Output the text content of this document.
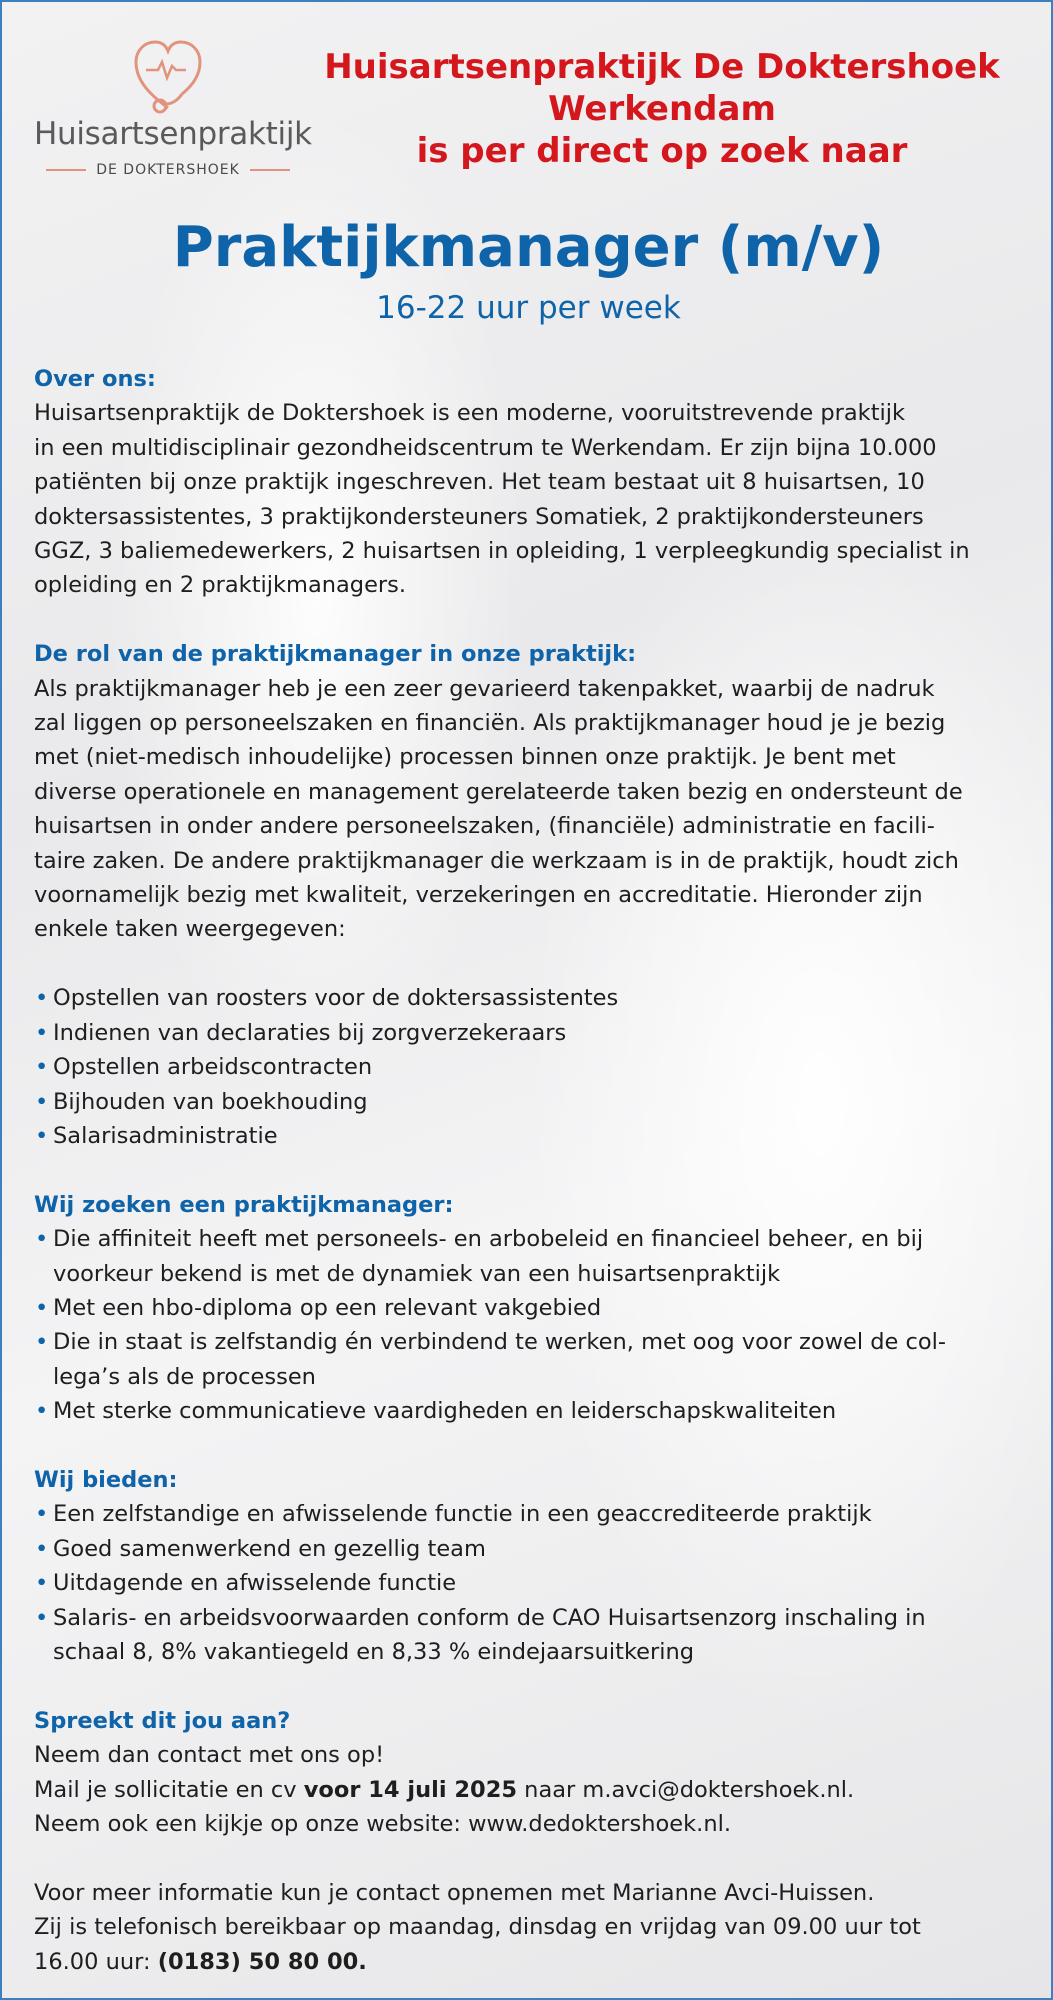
Huisartsenpraktijk
DE DOKTERSHOEK
Huisartsenpraktijk De Doktershoek
Werkendam
is per direct op zoek naar
Praktijkmanager (m/v)
16-22 uur per week

Over ons:

Huisartsenpraktijk de Doktershoek is een moderne, vooruitstrevende praktijk

in een multidisciplinair gezondheidscentrum te Werkendam. Er zijn bijna 10.000

patiënten bij onze praktijk ingeschreven. Het team bestaat uit 8 huisartsen, 10

doktersassistentes, 3 praktijkondersteuners Somatiek, 2 praktijkondersteuners

GGZ, 3 baliemedewerkers, 2 huisartsen in opleiding, 1 verpleegkundig specialist in

opleiding en 2 praktijkmanagers.

De rol van de praktijkmanager in onze praktijk:

Als praktijkmanager heb je een zeer gevarieerd takenpakket, waarbij de nadruk

zal liggen op personeelszaken en financiën. Als praktijkmanager houd je je bezig

met (niet-medisch inhoudelijke) processen binnen onze praktijk. Je bent met

diverse operationele en management gerelateerde taken bezig en ondersteunt de

huisartsen in onder andere personeelszaken, (financiële) administratie en facili-

taire zaken. De andere praktijkmanager die werkzaam is in de praktijk, houdt zich

voornamelijk bezig met kwaliteit, verzekeringen en accreditatie. Hieronder zijn

enkele taken weergegeven:

• Opstellen van roosters voor de doktersassistentes
• Indienen van declaraties bij zorgverzekeraars
• Opstellen arbeidscontracten
• Bijhouden van boekhouding
• Salarisadministratie

Wij zoeken een praktijkmanager:

• Die affiniteit heeft met personeels- en arbobeleid en financieel beheer, en bij
voorkeur bekend is met de dynamiek van een huisartsenpraktijk
• Met een hbo-diploma op een relevant vakgebied
• Die in staat is zelfstandig én verbindend te werken, met oog voor zowel de col-
lega’s als de processen
• Met sterke communicatieve vaardigheden en leiderschapskwaliteiten

Wij bieden:

• Een zelfstandige en afwisselende functie in een geaccrediteerde praktijk
• Goed samenwerkend en gezellig team
• Uitdagende en afwisselende functie
• Salaris- en arbeidsvoorwaarden conform de CAO Huisartsenzorg inschaling in
schaal 8, 8% vakantiegeld en 8,33 % eindejaarsuitkering

Spreekt dit jou aan?

Neem dan contact met ons op!

Mail je sollicitatie en cv voor 14 juli 2025 naar m.avci@doktershoek.nl.

Neem ook een kijkje op onze website: www.dedoktershoek.nl.

Voor meer informatie kun je contact opnemen met Marianne Avci-Huissen.

Zij is telefonisch bereikbaar op maandag, dinsdag en vrijdag van 09.00 uur tot

16.00 uur: (0183) 50 80 00.
